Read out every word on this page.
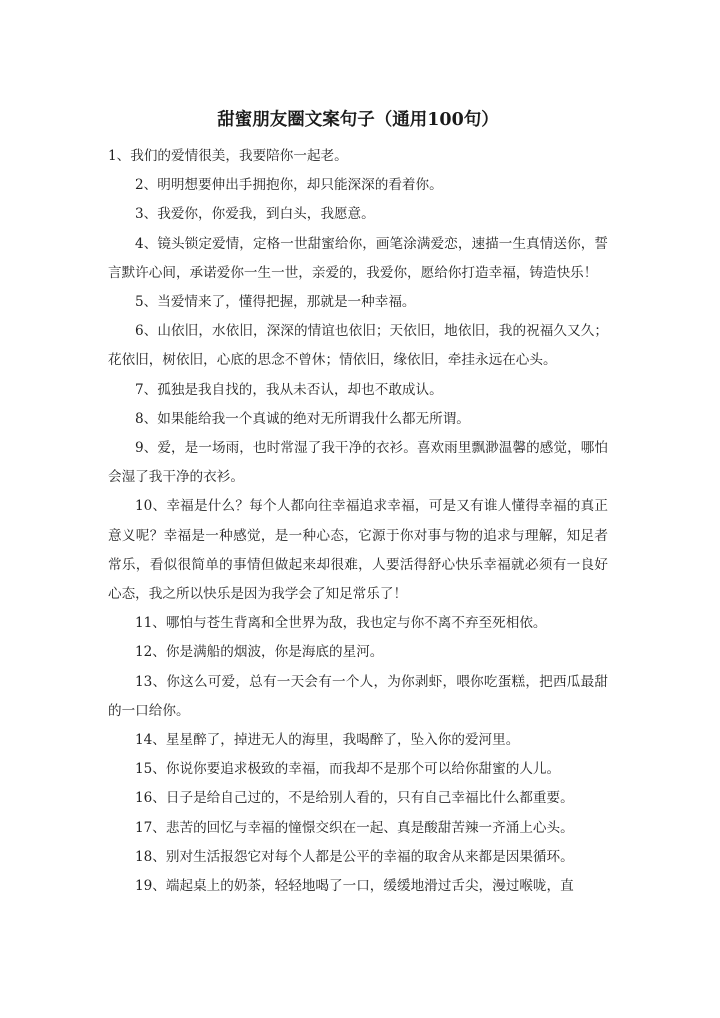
甜蜜朋友圈文案句子（通用100句）

1、我们的爱情很美，我要陪你一起老。

2、明明想要伸出手拥抱你，却只能深深的看着你。

3、我爱你，你爱我，到白头，我愿意。

4、镜头锁定爱情，定格一世甜蜜给你，画笔涂满爱恋，速描一生真情送你，誓言默许心间，承诺爱你一生一世，亲爱的，我爱你，愿给你打造幸福，铸造快乐！

5、当爱情来了，懂得把握，那就是一种幸福。

6、山依旧，水依旧，深深的情谊也依旧；天依旧，地依旧，我的祝福久又久；花依旧，树依旧，心底的思念不曾休；情依旧，缘依旧，牵挂永远在心头。

7、孤独是我自找的，我从未否认，却也不敢成认。

8、如果能给我一个真诚的绝对无所谓我什么都无所谓。

9、爱，是一场雨，也时常湿了我干净的衣衫。喜欢雨里飘渺温馨的感觉，哪怕会湿了我干净的衣衫。

10、幸福是什么？每个人都向往幸福追求幸福，可是又有谁人懂得幸福的真正意义呢？幸福是一种感觉，是一种心态，它源于你对事与物的追求与理解，知足者常乐，看似很简单的事情但做起来却很难，人要活得舒心快乐幸福就必须有一良好心态，我之所以快乐是因为我学会了知足常乐了！

11、哪怕与苍生背离和全世界为敌，我也定与你不离不弃至死相依。

12、你是满船的烟波，你是海底的星河。

13、你这么可爱，总有一天会有一个人，为你剥虾，喂你吃蛋糕，把西瓜最甜的一口给你。

14、星星醉了，掉进无人的海里，我喝醉了，坠入你的爱河里。

15、你说你要追求极致的幸福，而我却不是那个可以给你甜蜜的人儿。

16、日子是给自己过的，不是给别人看的，只有自己幸福比什么都重要。

17、悲苦的回忆与幸福的憧憬交织在一起、真是酸甜苦辣一齐涌上心头。

18、别对生活报怨它对每个人都是公平的幸福的取舍从来都是因果循环。

19、端起桌上的奶茶，轻轻地喝了一口，缓缓地滑过舌尖，漫过喉咙，直
